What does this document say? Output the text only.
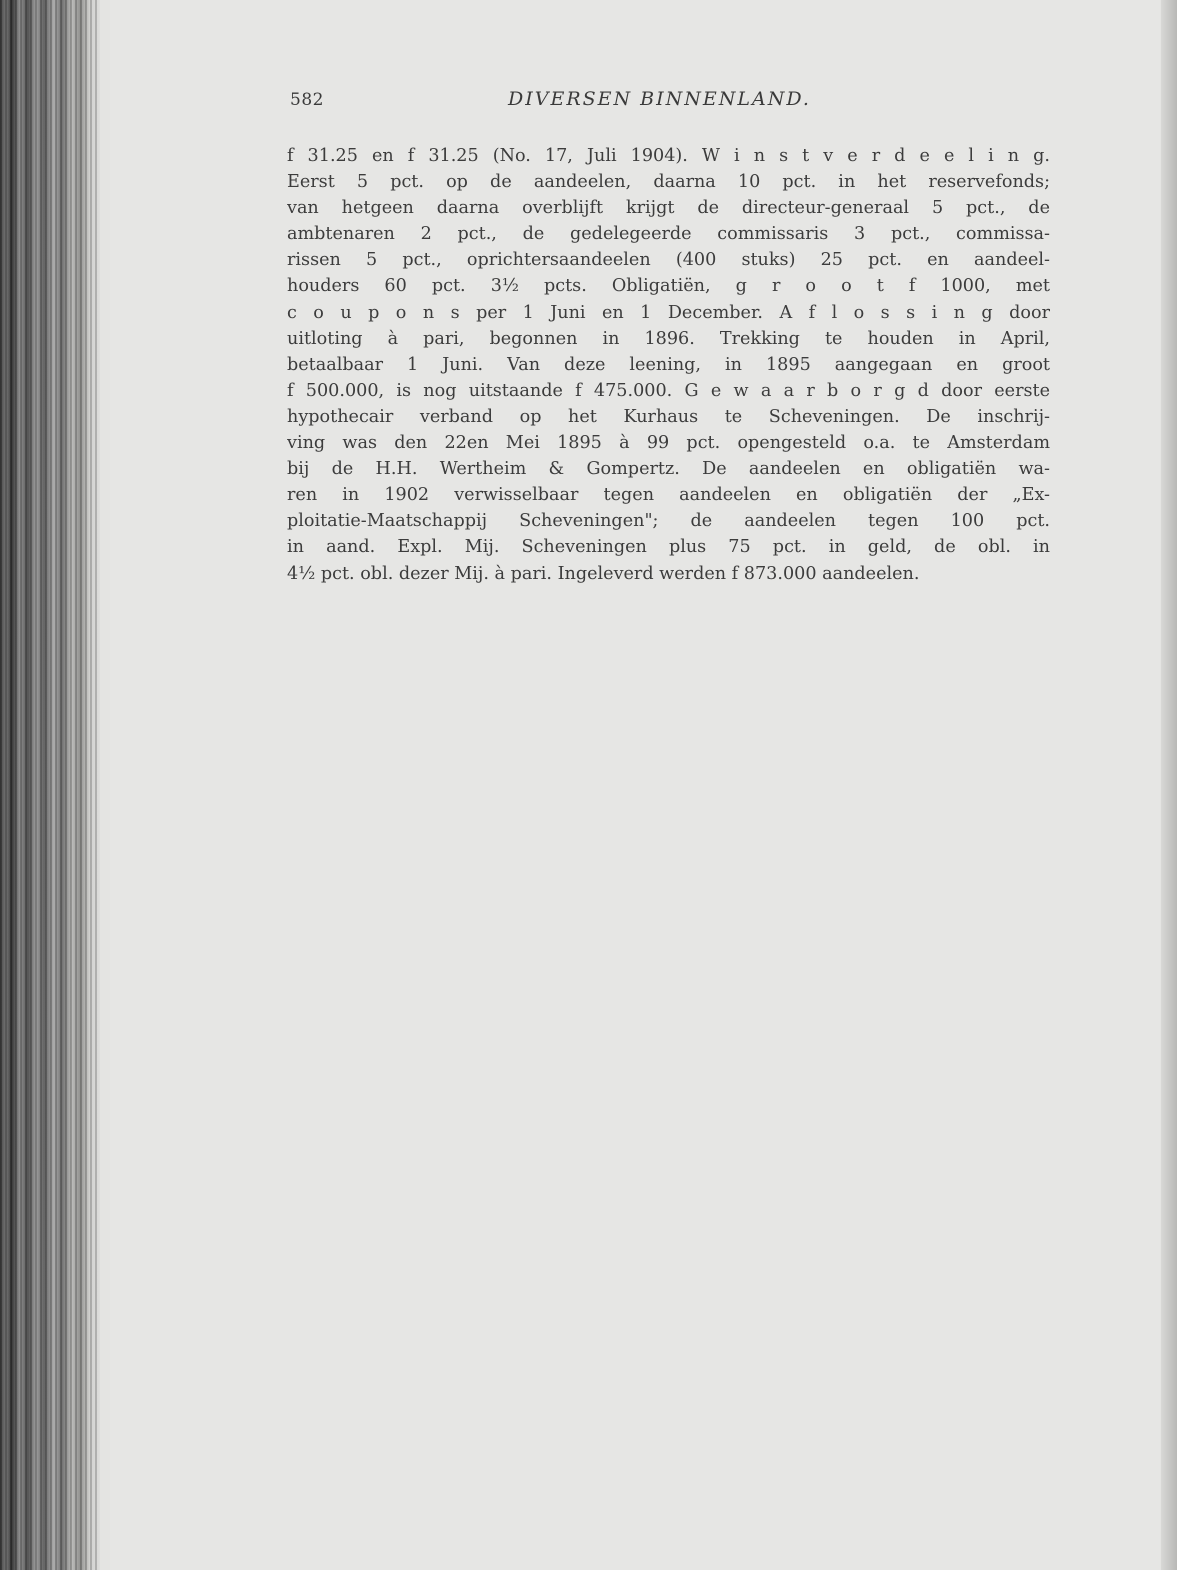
582	DIVERSEN BINNENLAND.
f 31.25 en f 31.25 (No. 17, Juli 1904). W i n s t v e r d e e l i n g.
Eerst 5 pct. op de aandeelen, daarna 10 pct. in het reservefonds;
van hetgeen daarna overblijft krijgt de directeur-generaal 5 pct., de
ambtenaren 2 pct., de gedelegeerde commissaris 3 pct., commissa-
rissen 5 pct., oprichtersaandeelen (400 stuks) 25 pct. en aandeel-
houders 60 pct. 3½ pcts. Obligatiën, g r o o t f 1000, met
c o u p o n s per 1 Juni en 1 December. A f l o s s i n g door
uitloting à pari, begonnen in 1896. Trekking te houden in April,
betaalbaar 1 Juni. Van deze leening, in 1895 aangegaan en groot
f 500.000, is nog uitstaande f 475.000. G e w a a r b o r g d door eerste
hypothecair verband op het Kurhaus te Scheveningen. De inschrij-
ving was den 22en Mei 1895 à 99 pct. opengesteld o.a. te Amsterdam
bij de H.H. Wertheim & Gompertz. De aandeelen en obligatiën wa-
ren in 1902 verwisselbaar tegen aandeelen en obligatiën der „Ex-
ploitatie-Maatschappij Scheveningen"; de aandeelen tegen 100 pct.
in aand. Expl. Mij. Scheveningen plus 75 pct. in geld, de obl. in
4½ pct. obl. dezer Mij. à pari. Ingeleverd werden f 873.000 aandeelen.
